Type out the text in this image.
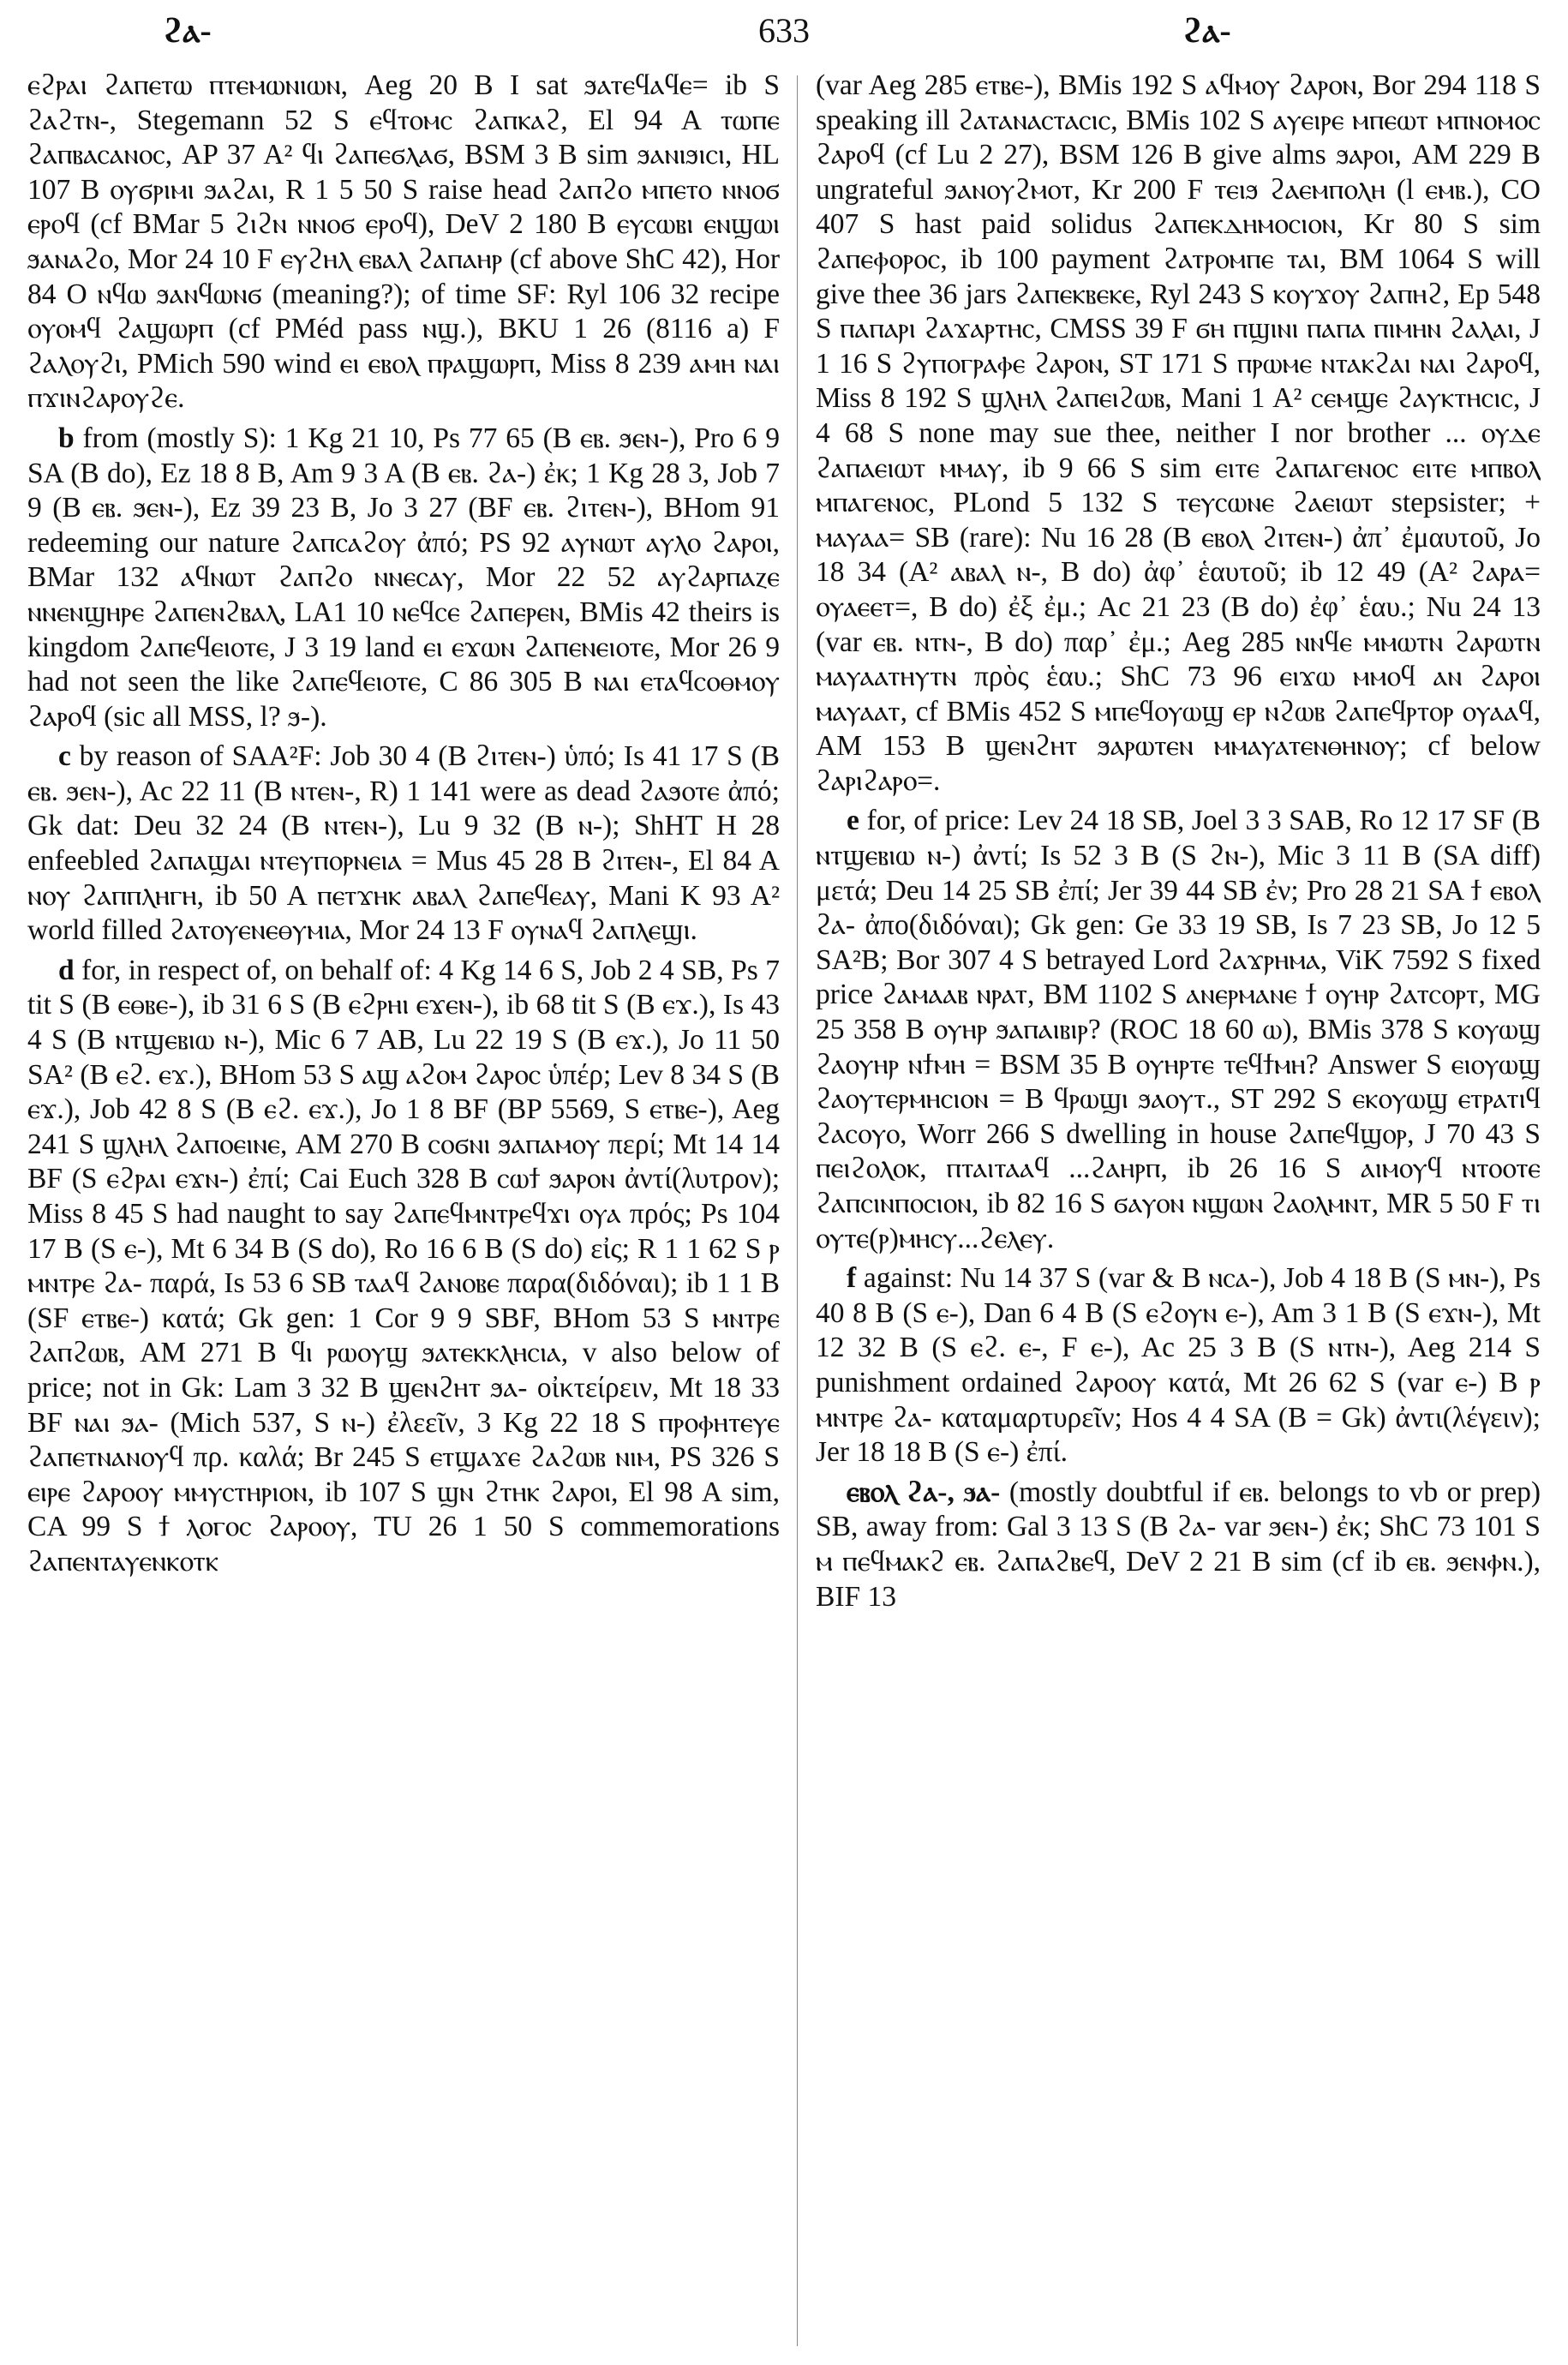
ϩⲁ-	633	ϩⲁ-

ⲉϩⲣⲁⲓ ϩⲁⲡⲉⲧⲱ ⲡⲧⲉⲙⲱⲛⲓⲱⲛ, Aeg 20 B I sat ϧⲁⲧⲉϥⲁϥⲉ= ib S ϩⲁϩⲧⲛ-, Stegemann 52 S ⲉϥⲧⲟⲙⲥ ϩⲁⲡⲕⲁϩ, El 94 A ⲧⲱⲡⲉ ϩⲁⲡⲃⲁⲥⲁⲛⲟⲥ, AP 37 A² ϥⲓ ϩⲁⲡⲉϭⲗⲁϭ, BSM 3 B sim ϧⲁⲛⲓϧⲓⲥⲓ, HL 107 B ⲟⲩϭⲣⲓⲙⲓ ϧⲁϩⲁⲓ, R 1 5 50 S raise head ϩⲁⲡϩⲟ ⲙⲡⲉⲧⲟ ⲛⲛⲟϭ ⲉⲣⲟϥ (cf BMar 5 ϩⲓϩⲛ ⲛⲛⲟϭ ⲉⲣⲟϥ), DeV 2 180 B ⲉⲩⲥⲱⲃⲓ ⲉⲛϣⲱⲓ ϧⲁⲛⲁϩⲟ, Mor 24 10 F ⲉⲩϩⲏⲗ ⲉⲃⲁⲗ ϩⲁⲡⲁⲏⲣ (cf above ShC 42), Hor 84 O ⲛϥⲱ ϧⲁⲛϥⲱⲛϭ (meaning?); of time SF: Ryl 106 32 recipe ⲟⲩⲟⲙϥ ϩⲁϣⲱⲣⲡ (cf PMéd pass ⲛϣ.), BKU 1 26 (8116 a) F ϩⲁⲗⲟⲩϩⲓ, PMich 590 wind ⲉⲓ ⲉⲃⲟⲗ ⲡⲣⲁϣⲱⲣⲡ, Miss 8 239 ⲁⲙⲏ ⲛⲁⲓ ⲡϫⲓⲛϩⲁⲣⲟⲩϩⲉ.

b from (mostly S): 1 Kg 21 10, Ps 77 65 (B ⲉⲃ. ϧⲉⲛ-), Pro 6 9 SA (B do), Ez 18 8 B, Am 9 3 A (B ⲉⲃ. ϩⲁ-) ἐκ; 1 Kg 28 3, Job 7 9 (B ⲉⲃ. ϧⲉⲛ-), Ez 39 23 B, Jo 3 27 (BF ⲉⲃ. ϩⲓⲧⲉⲛ-), BHom 91 redeeming our nature ϩⲁⲡⲥⲁϩⲟⲩ ἀπό; PS 92 ⲁⲩⲛⲱⲧ ⲁⲩⲗⲟ ϩⲁⲣⲟⲓ, BMar 132 ⲁϥⲛⲱⲧ ϩⲁⲡϩⲟ ⲛⲛⲉⲥⲁⲩ, Mor 22 52 ⲁⲩϩⲁⲣⲡⲁⲍⲉ ⲛⲛⲉⲛϣⲏⲣⲉ ϩⲁⲡⲉⲛϩⲃⲁⲗ, LA1 10 ⲛⲉϥⲥⲉ ϩⲁⲡⲉⲣⲉⲛ, BMis 42 theirs is kingdom ϩⲁⲡⲉϥⲉⲓⲟⲧⲉ, J 3 19 land ⲉⲓ ⲉϫⲱⲛ ϩⲁⲡⲉⲛⲉⲓⲟⲧⲉ, Mor 26 9 had not seen the like ϩⲁⲡⲉϥⲉⲓⲟⲧⲉ, C 86 305 B ⲛⲁⲓ ⲉⲧⲁϥⲥⲟⲑⲙⲟⲩ ϩⲁⲣⲟϥ (sic all MSS, l? ϧ-).

c by reason of SAA²F: Job 30 4 (B ϩⲓⲧⲉⲛ-) ὑπό; Is 41 17 S (B ⲉⲃ. ϧⲉⲛ-), Ac 22 11 (B ⲛⲧⲉⲛ-, R) 1 141 were as dead ϩⲁϧⲟⲧⲉ ἀπό; Gk dat: Deu 32 24 (B ⲛⲧⲉⲛ-), Lu 9 32 (B ⲛ-); ShHT H 28 enfeebled ϩⲁⲡⲁϣⲁⲓ ⲛⲧⲉⲩⲡⲟⲣⲛⲉⲓⲁ = Mus 45 28 B ϩⲓⲧⲉⲛ-, El 84 A ⲛⲟⲩ ϩⲁⲡⲡⲗⲏⲅⲏ, ib 50 A ⲡⲉⲧϫⲏⲕ ⲁⲃⲁⲗ ϩⲁⲡⲉϥⲉⲁⲩ, Mani K 93 A² world filled ϩⲁⲧⲟⲩⲉⲛⲉⲑⲩⲙⲓⲁ, Mor 24 13 F ⲟⲩⲛⲁϥ ϩⲁⲡⲗⲉϣⲓ.

d for, in respect of, on behalf of: 4 Kg 14 6 S, Job 2 4 SB, Ps 7 tit S (B ⲉⲑⲃⲉ-), ib 31 6 S (B ⲉϩⲣⲏⲓ ⲉϫⲉⲛ-), ib 68 tit S (B ⲉϫ.), Is 43 4 S (B ⲛⲧϣⲉⲃⲓⲱ ⲛ-), Mic 6 7 AB, Lu 22 19 S (B ⲉϫ.), Jo 11 50 SA² (B ⲉϩ. ⲉϫ.), BHom 53 S ⲁϣ ⲁϩⲟⲙ ϩⲁⲣⲟⲥ ὑπέρ; Lev 8 34 S (B ⲉϫ.), Job 42 8 S (B ⲉϩ. ⲉϫ.), Jo 1 8 BF (BP 5569, S ⲉⲧⲃⲉ-), Aeg 241 S ϣⲗⲏⲗ ϩⲁⲡⲟⲉⲓⲛⲉ, AM 270 B ⲥⲟϭⲛⲓ ϧⲁⲡⲁⲙⲟⲩ περί; Mt 14 14 BF (S ⲉϩⲣⲁⲓ ⲉϫⲛ-) ἐπί; Cai Euch 328 B ⲥⲱϯ ϧⲁⲣⲟⲛ ἀντί(λυτρον); Miss 8 45 S had naught to say ϩⲁⲡⲉϥⲙⲛⲧⲣⲉϥϫⲓ ⲟⲩⲁ πρός; Ps 104 17 B (S ⲉ-), Mt 6 34 B (S do), Ro 16 6 B (S do) εἰς; R 1 1 62 S ⲣ ⲙⲛⲧⲣⲉ ϩⲁ- παρά, Is 53 6 SB ⲧⲁⲁϥ ϩⲁⲛⲟⲃⲉ παρα(διδόναι); ib 1 1 B (SF ⲉⲧⲃⲉ-) κατά; Gk gen: 1 Cor 9 9 SBF, BHom 53 S ⲙⲛⲧⲣⲉ ϩⲁⲡϩⲱⲃ, AM 271 B ϥⲓ ⲣⲱⲟⲩϣ ϧⲁⲧⲉⲕⲕⲗⲏⲥⲓⲁ, v also below of price; not in Gk: Lam 3 32 B ϣⲉⲛϩⲏⲧ ϧⲁ- οἰκτείρειν, Mt 18 33 BF ⲛⲁⲓ ϧⲁ- (Mich 537, S ⲛ-) ἐλεεῖν, 3 Kg 22 18 S ⲡⲣⲟⲫⲏⲧⲉⲩⲉ ϩⲁⲡⲉⲧⲛⲁⲛⲟⲩϥ πρ. καλά; Br 245 S ⲉⲧϣⲁϫⲉ ϩⲁϩⲱⲃ ⲛⲓⲙ, PS 326 S ⲉⲓⲣⲉ ϩⲁⲣⲟⲟⲩ ⲙⲙⲩⲥⲧⲏⲣⲓⲟⲛ, ib 107 S ϣⲛ ϩⲧⲏⲕ ϩⲁⲣⲟⲓ, El 98 A sim, CA 99 S ϯ ⲗⲟⲅⲟⲥ ϩⲁⲣⲟⲟⲩ, TU 26 1 50 S commemorations ϩⲁⲡⲉⲛⲧⲁⲩⲉⲛⲕⲟⲧⲕ

(var Aeg 285 ⲉⲧⲃⲉ-), BMis 192 S ⲁϥⲙⲟⲩ ϩⲁⲣⲟⲛ, Bor 294 118 S speaking ill ϩⲁⲧⲁⲛⲁⲥⲧⲁⲥⲓⲥ, BMis 102 S ⲁⲩⲉⲓⲣⲉ ⲙⲡⲉⲱⲧ ⲙⲡⲛⲟⲙⲟⲥ ϩⲁⲣⲟϥ (cf Lu 2 27), BSM 126 B give alms ϧⲁⲣⲟⲓ, AM 229 B ungrateful ϧⲁⲛⲟⲩϩⲙⲟⲧ, Kr 200 F ⲧⲉⲓϧ ϩⲁⲉⲙⲡⲟⲗⲏ (l ⲉⲙⲃ.), CO 407 S hast paid solidus ϩⲁⲡⲉⲕⲇⲏⲙⲟⲥⲓⲟⲛ, Kr 80 S sim ϩⲁⲡⲉⲫⲟⲣⲟⲥ, ib 100 payment ϩⲁⲧⲣⲟⲙⲡⲉ ⲧⲁⲓ, BM 1064 S will give thee 36 jars ϩⲁⲡⲉⲕⲃⲉⲕⲉ, Ryl 243 S ⲕⲟⲩϫⲟⲩ ϩⲁⲡⲏϩ, Ep 548 S ⲡⲁⲡⲁⲣⲓ ϩⲁϫⲁⲣⲧⲏⲥ, CMSS 39 F ϭⲏ ⲡϣⲓⲛⲓ ⲡⲁⲡⲁ ⲡⲓⲙⲏⲛ ϩⲁⲗⲁⲓ, J 1 16 S ϩⲩⲡⲟⲅⲣⲁⲫⲉ ϩⲁⲣⲟⲛ, ST 171 S ⲡⲣⲱⲙⲉ ⲛⲧⲁⲕϩⲁⲓ ⲛⲁⲓ ϩⲁⲣⲟϥ, Miss 8 192 S ϣⲗⲏⲗ ϩⲁⲡⲉⲓϩⲱⲃ, Mani 1 A² ⲥⲉⲙϣⲉ ϩⲁⲩⲕⲧⲏⲥⲓⲥ, J 4 68 S none may sue thee, neither I nor brother ... ⲟⲩⲇⲉ ϩⲁⲡⲁⲉⲓⲱⲧ ⲙⲙⲁⲩ, ib 9 66 S sim ⲉⲓⲧⲉ ϩⲁⲡⲁⲅⲉⲛⲟⲥ ⲉⲓⲧⲉ ⲙⲡⲃⲟⲗ ⲙⲡⲁⲅⲉⲛⲟⲥ, PLond 5 132 S ⲧⲉⲩⲥⲱⲛⲉ ϩⲁⲉⲓⲱⲧ stepsister; + ⲙⲁⲩⲁⲁ= SB (rare): Nu 16 28 (B ⲉⲃⲟⲗ ϩⲓⲧⲉⲛ-) ἀπ᾽ ἐμαυτοῦ, Jo 18 34 (A² ⲁⲃⲁⲗ ⲛ-, B do) ἀφ᾽ ἑαυτοῦ; ib 12 49 (A² ϩⲁⲣⲁ= ⲟⲩⲁⲉⲉⲧ=, B do) ἐξ ἐμ.; Ac 21 23 (B do) ἐφ᾽ ἑαυ.; Nu 24 13 (var ⲉⲃ. ⲛⲧⲛ-, B do) παρ᾽ ἐμ.; Aeg 285 ⲛⲛϥⲉ ⲙⲙⲱⲧⲛ ϩⲁⲣⲱⲧⲛ ⲙⲁⲩⲁⲁⲧⲏⲩⲧⲛ πρὸς ἑαυ.; ShC 73 96 ⲉⲓϫⲱ ⲙⲙⲟϥ ⲁⲛ ϩⲁⲣⲟⲓ ⲙⲁⲩⲁⲁⲧ, cf BMis 452 S ⲙⲡⲉϥⲟⲩⲱϣ ⲉⲣ ⲛϩⲱⲃ ϩⲁⲡⲉϥⲣⲧⲟⲣ ⲟⲩⲁⲁϥ, AM 153 B ϣⲉⲛϩⲏⲧ ϧⲁⲣⲱⲧⲉⲛ ⲙⲙⲁⲩⲁⲧⲉⲛⲑⲏⲛⲟⲩ; cf below ϩⲁⲣⲓϩⲁⲣⲟ=.

e for, of price: Lev 24 18 SB, Joel 3 3 SAB, Ro 12 17 SF (B ⲛⲧϣⲉⲃⲓⲱ ⲛ-) ἀντί; Is 52 3 B (S ϩⲛ-), Mic 3 11 B (SA diff) μετά; Deu 14 25 SB ἐπί; Jer 39 44 SB ἐν; Pro 28 21 SA ϯ ⲉⲃⲟⲗ ϩⲁ- ἀπο(διδόναι); Gk gen: Ge 33 19 SB, Is 7 23 SB, Jo 12 5 SA²B; Bor 307 4 S betrayed Lord ϩⲁϫⲣⲏⲙⲁ, ViK 7592 S fixed price ϩⲁⲙⲁⲁⲃ ⲛⲣⲁⲧ, BM 1102 S ⲁⲛⲉⲣⲙⲁⲛⲉ ϯ ⲟⲩⲏⲣ ϩⲁⲧⲥⲟⲣⲧ, MG 25 358 B ⲟⲩⲏⲣ ϧⲁⲡⲁⲓⲃⲓⲣ? (ROC 18 60 ⲱ), BMis 378 S ⲕⲟⲩⲱϣ ϩⲁⲟⲩⲏⲣ ⲛϯⲙⲏ = BSM 35 B ⲟⲩⲏⲣⲧⲉ ⲧⲉϥϯⲙⲏ? Answer S ⲉⲓⲟⲩⲱϣ ϩⲁⲟⲩⲧⲉⲣⲙⲏⲥⲓⲟⲛ = B ϥⲣⲱϣⲓ ϧⲁⲟⲩⲧ., ST 292 S ⲉⲕⲟⲩⲱϣ ⲉⲧⲣⲁⲧⲓϥ ϩⲁⲥⲟⲩⲟ, Worr 266 S dwelling in house ϩⲁⲡⲉϥϣⲟⲣ, J 70 43 S ⲡⲉⲓϩⲟⲗⲟⲕ, ⲡⲧⲁⲓⲧⲁⲁϥ ...ϩⲁⲏⲣⲡ, ib 26 16 S ⲁⲓⲙⲟⲩϥ ⲛⲧⲟⲟⲧⲉ ϩⲁⲡⲥⲓⲛⲡⲟⲥⲓⲟⲛ, ib 82 16 S ϭⲁⲩⲟⲛ ⲛϣⲱⲛ ϩⲁⲟⲗⲙⲛⲧ, MR 5 50 F ⲧⲓ ⲟⲩⲧⲉ(ⲣ)ⲙⲏⲥⲩ...ϩⲉⲗⲉⲩ.

f against: Nu 14 37 S (var & B ⲛⲥⲁ-), Job 4 18 B (S ⲙⲛ-), Ps 40 8 B (S ⲉ-), Dan 6 4 B (S ⲉϩⲟⲩⲛ ⲉ-), Am 3 1 B (S ⲉϫⲛ-), Mt 12 32 B (S ⲉϩ. ⲉ-, F ⲉ-), Ac 25 3 B (S ⲛⲧⲛ-), Aeg 214 S punishment ordained ϩⲁⲣⲟⲟⲩ κατά, Mt 26 62 S (var ⲉ-) B ⲣ ⲙⲛⲧⲣⲉ ϩⲁ- καταμαρτυρεῖν; Hos 4 4 SA (B = Gk) ἀντι(λέγειν); Jer 18 18 B (S ⲉ-) ἐπί.

ⲉⲃⲟⲗ ϩⲁ-, ϧⲁ- (mostly doubtful if ⲉⲃ. belongs to vb or prep) SB, away from: Gal 3 13 S (B ϩⲁ- var ϧⲉⲛ-) ἐκ; ShC 73 101 S ⲙ ⲡⲉϥⲙⲁⲕϩ ⲉⲃ. ϩⲁⲡⲁϩⲃⲉϥ, DeV 2 21 B sim (cf ib ⲉⲃ. ϧⲉⲛⲫⲛ.), BIF 13
